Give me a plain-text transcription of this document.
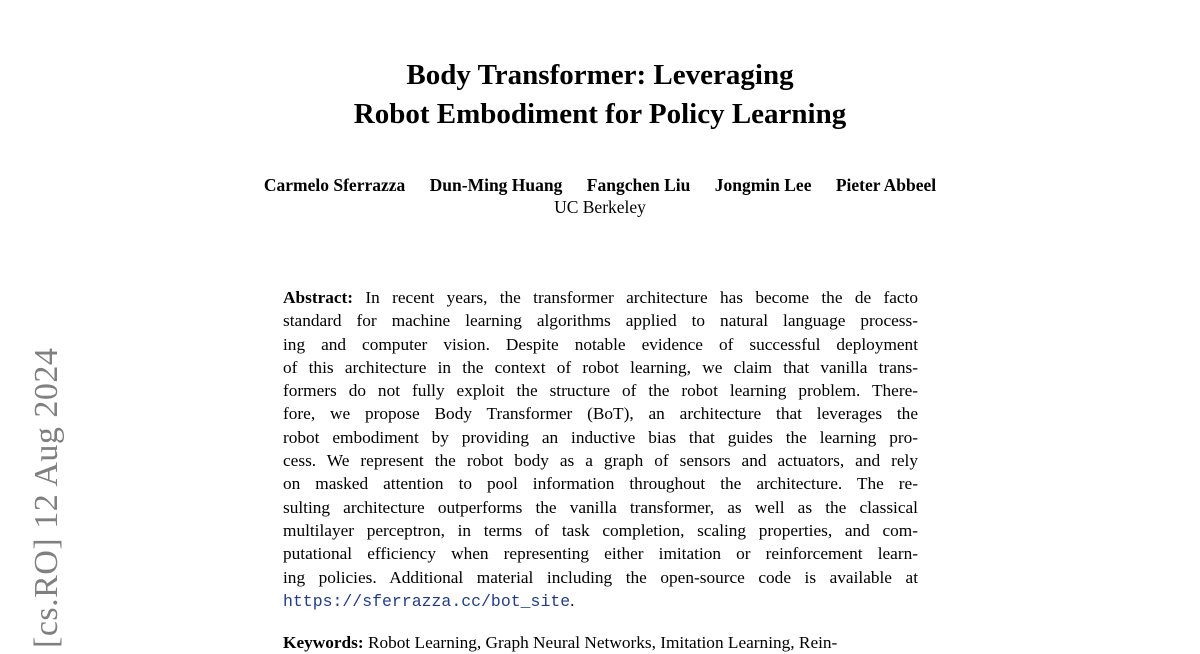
[cs.RO] 12 Aug 2024
Body Transformer: Leveraging
Robot Embodiment for Policy Learning
Carmelo Sferrazza Dun-Ming Huang Fangchen Liu Jongmin Lee Pieter Abbeel
UC Berkeley
Abstract: In recent years, the transformer architecture has become the de facto
standard for machine learning algorithms applied to natural language process-
ing and computer vision. Despite notable evidence of successful deployment
of this architecture in the context of robot learning, we claim that vanilla trans-
formers do not fully exploit the structure of the robot learning problem. There-
fore, we propose Body Transformer (BoT), an architecture that leverages the
robot embodiment by providing an inductive bias that guides the learning pro-
cess. We represent the robot body as a graph of sensors and actuators, and rely
on masked attention to pool information throughout the architecture. The re-
sulting architecture outperforms the vanilla transformer, as well as the classical
multilayer perceptron, in terms of task completion, scaling properties, and com-
putational efficiency when representing either imitation or reinforcement learn-
ing policies. Additional material including the open-source code is available at
https://sferrazza.cc/bot_site.
Keywords: Robot Learning, Graph Neural Networks, Imitation Learning, Rein-
